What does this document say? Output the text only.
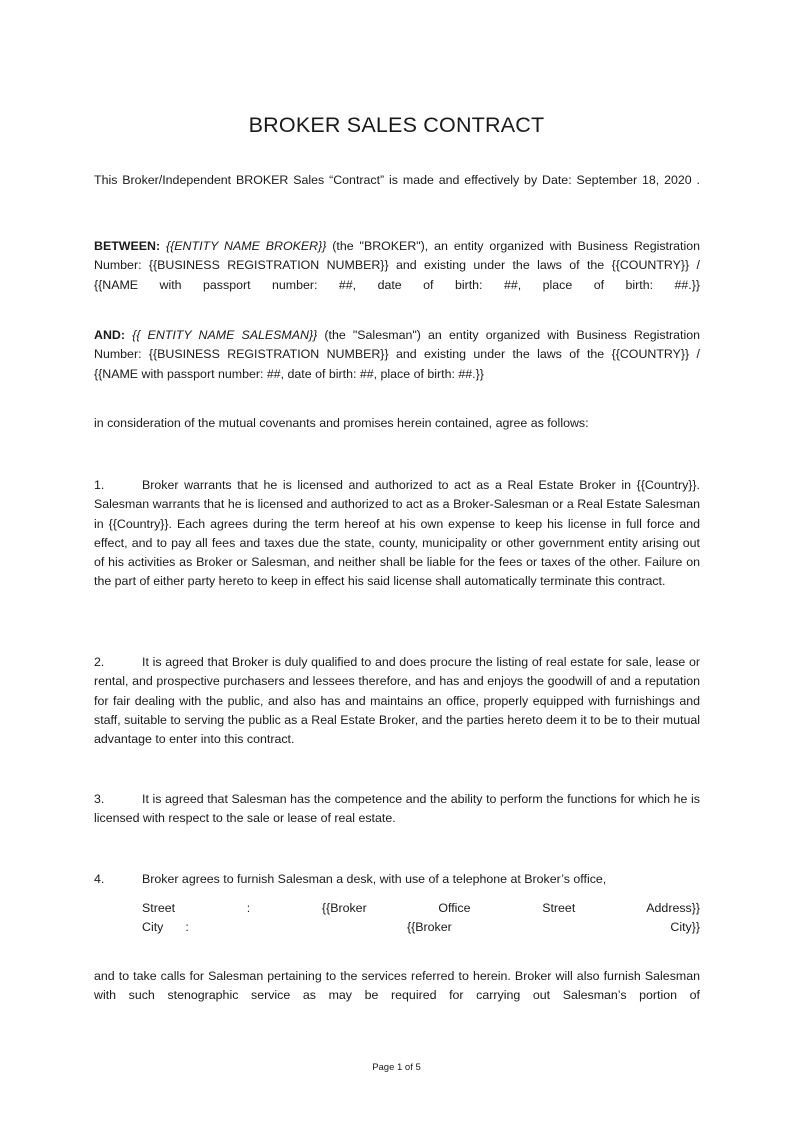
BROKER SALES CONTRACT
This Broker/Independent BROKER Sales “Contract” is made and effectively by Date: September 18, 2020 .
BETWEEN: {{ENTITY NAME BROKER}} (the "BROKER"), an entity organized with Business Registration Number: {{BUSINESS REGISTRATION NUMBER}} and existing under the laws of the {{COUNTRY}} /
{{NAME with passport number: ##, date of birth: ##, place of birth: ##.}}
AND: {{ ENTITY NAME SALESMAN}} (the "Salesman") an entity organized with Business Registration Number: {{BUSINESS REGISTRATION NUMBER}} and existing under the laws of the {{COUNTRY}} /
{{NAME with passport number: ##, date of birth: ##, place of birth: ##.}}
in consideration of the mutual covenants and promises herein contained, agree as follows:
1.	Broker warrants that he is licensed and authorized to act as a Real Estate Broker in {{Country}}. Salesman warrants that he is licensed and authorized to act as a Broker-Salesman or a Real Estate Salesman in {{Country}}. Each agrees during the term hereof at his own expense to keep his license in full force and effect, and to pay all fees and taxes due the state, county, municipality or other government entity arising out of his activities as Broker or Salesman, and neither shall be liable for the fees or taxes of the other. Failure on the part of either party hereto to keep in effect his said license shall automatically terminate this contract.
2.	It is agreed that Broker is duly qualified to and does procure the listing of real estate for sale, lease or rental, and prospective purchasers and lessees therefore, and has and enjoys the goodwill of and a reputation for fair dealing with the public, and also has and maintains an office, properly equipped with furnishings and staff, suitable to serving the public as a Real Estate Broker, and the parties hereto deem it to be to their mutual advantage to enter into this contract.
3.	It is agreed that Salesman has the competence and the ability to perform the functions for which he is licensed with respect to the sale or lease of real estate.
4.	Broker agrees to furnish Salesman a desk, with use of a telephone at Broker’s office,
Street	:	{{Broker Office Street Address}}
City :	{{Broker	City}}
and to take calls for Salesman pertaining to the services referred to herein. Broker will also furnish Salesman with such stenographic service as may be required for carrying out Salesman’s portion of
Page 1 of 5
